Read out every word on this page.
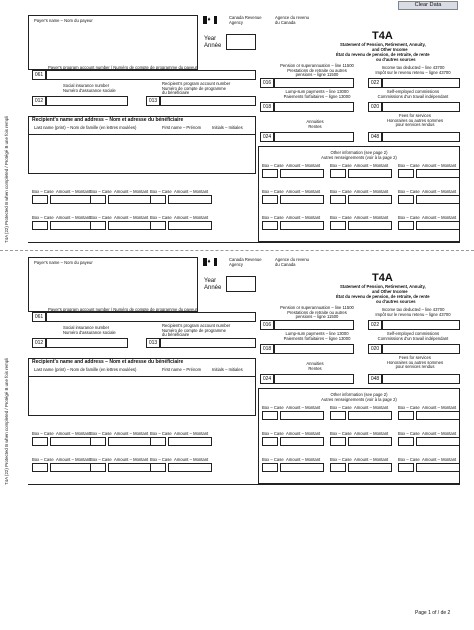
Clear Data
T4A (22) Protected B when completed / Protégé B une fois rempli
Payer's name – Nom du payeur	♦	Canada Revenue
Agency
Agence du revenu
du Canada
Year
Année
T4A
Statement of Pension, Retirement, Annuity,
and Other Income
État du revenu de pension, de retraite, de rente
ou d'autres sources
061
Payer's program account number / Numéro de compte de programme du payeur
Social insurance number
Numéro d'assurance sociale
012
Recipient's program account number
Numéro de compte de programme
du bénéficiaire
013
Pension or superannuation – line 11500
Prestations de retraite ou autres
pensions – ligne 11500
016
Income tax deducted – line 43700
Impôt sur le revenu retenu – ligne 43700
022
Lump-sum payments – line 13000
Paiements forfaitaires – ligne 13000
018
Self-employed commissions
Commissions d'un travail indépendant
020
Recipient's name and address – Nom et adresse du bénéficiaire
Last name (print) – Nom de famille (en lettres moulées)	First name – Prénom	Initials – Initiales
Annuities
Rentes
024
Fees for services
Honoraires ou autres sommes
pour services rendus
048
Other information (see page 2)
Autres renseignements (voir à la page 2)
Box – Case Amount – Montant Box – Case Amount – Montant Box – Case Amount – Montant
Box – Case Amount – Montant Box – Case Amount – Montant Box – Case Amount – Montant
Box – Case Amount – Montant Box – Case Amount – Montant Box – Case Amount – Montant
Box – Case Amount – Montant Box – Case Amount – Montant Box – Case Amount – Montant
Box – Case Amount – Montant Box – Case Amount – Montant Box – Case Amount – Montant
T4A (22) Protected B when completed / Protégé B une fois rempli
Payer's name – Nom du payeur	♦	Canada Revenue
Agency
Agence du revenu
du Canada
Year
Année
T4A
Statement of Pension, Retirement, Annuity,
and Other Income
État du revenu de pension, de retraite, de rente
ou d'autres sources
061
Payer's program account number / Numéro de compte de programme du payeur
Social insurance number
Numéro d'assurance sociale
012
Recipient's program account number
Numéro de compte de programme
du bénéficiaire
013
Pension or superannuation – line 11500
Prestations de retraite ou autres
pensions – ligne 11500
016
Income tax deducted – line 43700
Impôt sur le revenu retenu – ligne 43700
022
Lump-sum payments – line 13000
Paiements forfaitaires – ligne 13000
018
Self-employed commissions
Commissions d'un travail indépendant
020
Recipient's name and address – Nom et adresse du bénéficiaire
Last name (print) – Nom de famille (en lettres moulées)	First name – Prénom	Initials – Initiales
Annuities
Rentes
024
Fees for services
Honoraires ou autres sommes
pour services rendus
048
Other information (see page 2)
Autres renseignements (voir à la page 2)
Box – Case Amount – Montant Box – Case Amount – Montant Box – Case Amount – Montant
Box – Case Amount – Montant Box – Case Amount – Montant Box – Case Amount – Montant
Box – Case Amount – Montant Box – Case Amount – Montant Box – Case Amount – Montant
Box – Case Amount – Montant Box – Case Amount – Montant Box – Case Amount – Montant
Box – Case Amount – Montant Box – Case Amount – Montant Box – Case Amount – Montant
Page 1 of / de 2
